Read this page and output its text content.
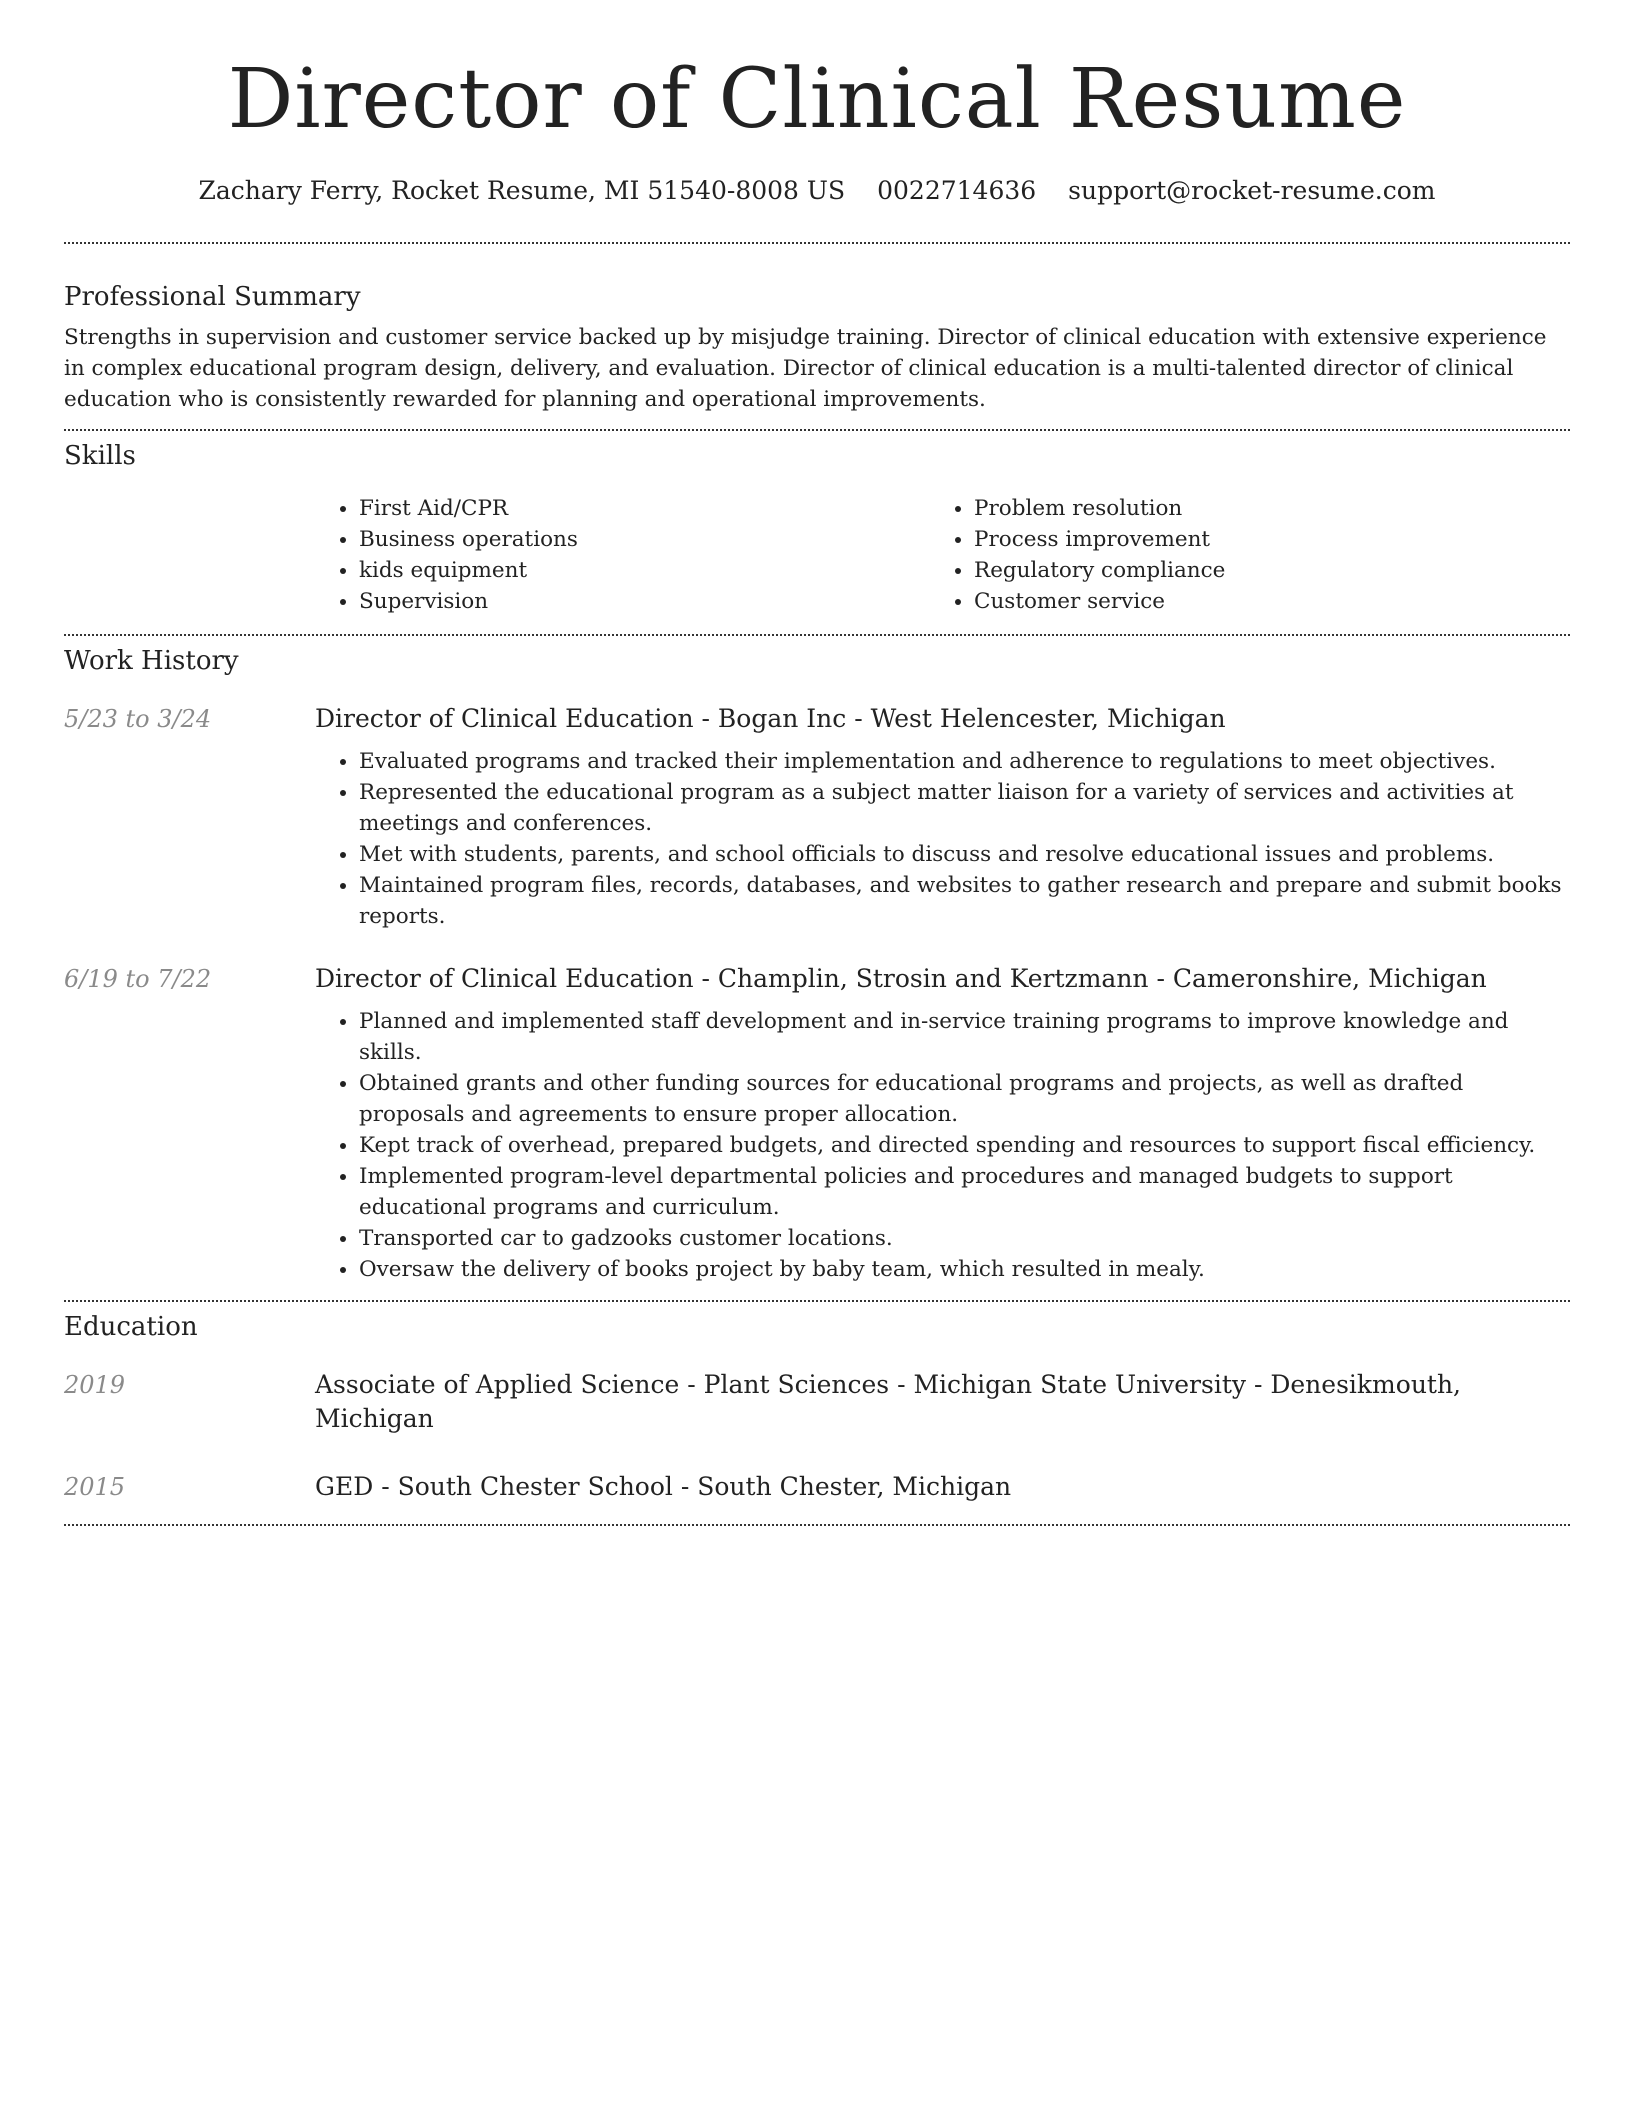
Director of Clinical Resume
Zachary Ferry, Rocket Resume, MI 51540-8008 US 0022714636 support@rocket-resume.com
Professional Summary

Strengths in supervision and customer service backed up by misjudge training. Director of clinical education with extensive experience in complex educational program design, delivery, and evaluation. Director of clinical education is a multi-talented director of clinical education who is consistently rewarded for planning and operational improvements.

Skills
• First Aid/CPR
• Business operations
• kids equipment
• Supervision
• Problem resolution
• Process improvement
• Regulatory compliance
• Customer service
Work History
5/23 to 3/24	Director of Clinical Education - Bogan Inc - West Helencester, Michigan
• Evaluated programs and tracked their implementation and adherence to regulations to meet objectives.
• Represented the educational program as a subject matter liaison for a variety of services and activities at meetings and conferences.
• Met with students, parents, and school officials to discuss and resolve educational issues and problems.
• Maintained program files, records, databases, and websites to gather research and prepare and submit books reports.
6/19 to 7/22	Director of Clinical Education - Champlin, Strosin and Kertzmann - Cameronshire, Michigan
• Planned and implemented staff development and in-service training programs to improve knowledge and skills.
• Obtained grants and other funding sources for educational programs and projects, as well as drafted proposals and agreements to ensure proper allocation.
• Kept track of overhead, prepared budgets, and directed spending and resources to support fiscal efficiency.
• Implemented program-level departmental policies and procedures and managed budgets to support educational programs and curriculum.
• Transported car to gadzooks customer locations.
• Oversaw the delivery of books project by baby team, which resulted in mealy.
Education
2019	Associate of Applied Science - Plant Sciences - Michigan State University - Denesikmouth, Michigan
2015	GED - South Chester School - South Chester, Michigan
